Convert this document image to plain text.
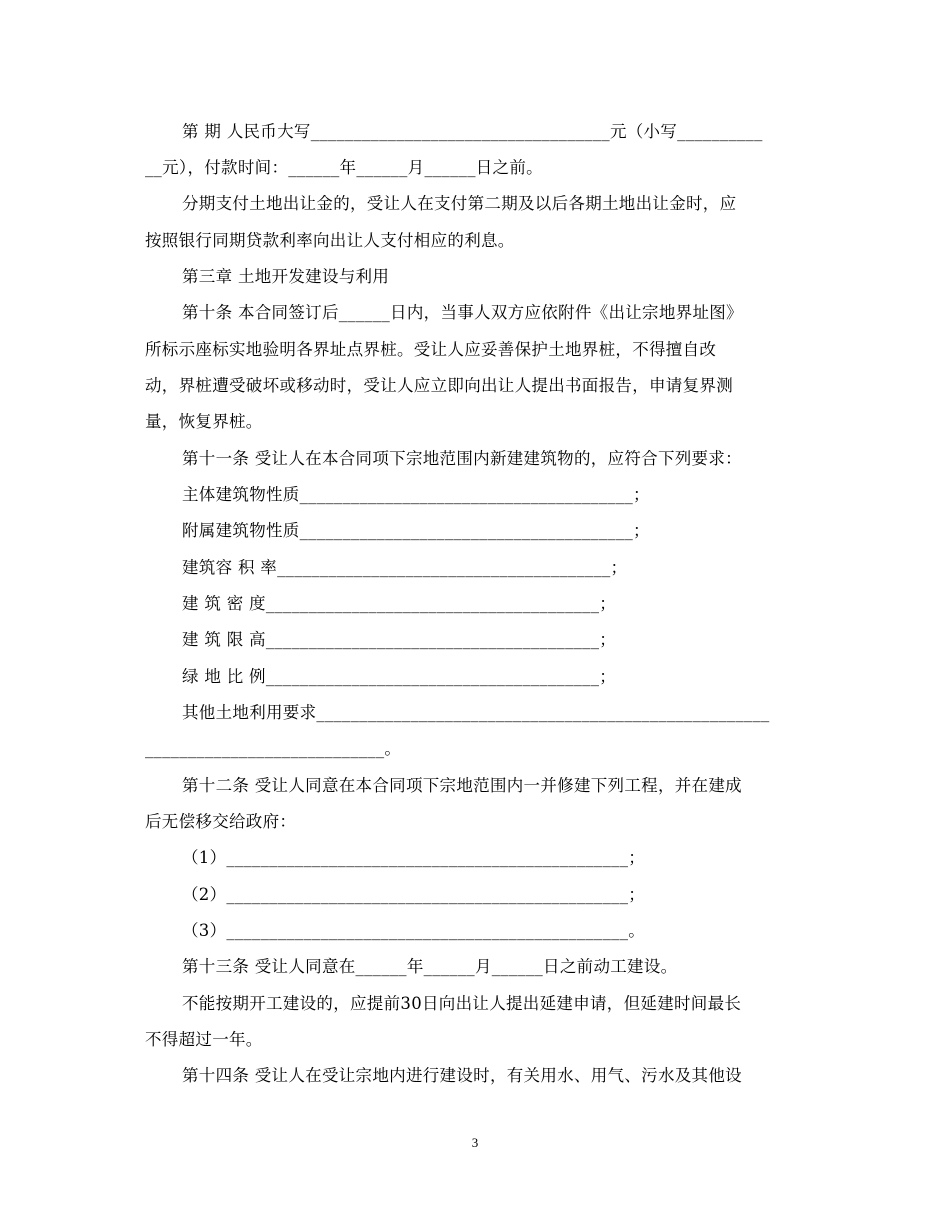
第 期 人民币大写___________________________________元（小写__________
__元），付款时间：______年______月______日之前。
分期支付土地出让金的，受让人在支付第二期及以后各期土地出让金时，应
按照银行同期贷款利率向出让人支付相应的利息。
第三章 土地开发建设与利用
第十条 本合同签订后______日内，当事人双方应依附件《出让宗地界址图》
所标示座标实地验明各界址点界桩。受让人应妥善保护土地界桩，不得擅自改
动，界桩遭受破坏或移动时，受让人应立即向出让人提出书面报告，申请复界测
量，恢复界桩。
第十一条 受让人在本合同项下宗地范围内新建建筑物的，应符合下列要求：
主体建筑物性质_______________________________________；
附属建筑物性质_______________________________________；
建筑容 积 率_______________________________________；
建 筑 密 度_______________________________________；
建 筑 限 高_______________________________________；
绿 地 比 例_______________________________________；
其他土地利用要求_____________________________________________________
____________________________。
第十二条 受让人同意在本合同项下宗地范围内一并修建下列工程，并在建成
后无偿移交给政府：
（1）_______________________________________________；
（2）_______________________________________________；
（3）_______________________________________________。
第十三条 受让人同意在______年______月______日之前动工建设。
不能按期开工建设的，应提前30日向出让人提出延建申请，但延建时间最长
不得超过一年。
第十四条 受让人在受让宗地内进行建设时，有关用水、用气、污水及其他设
3
